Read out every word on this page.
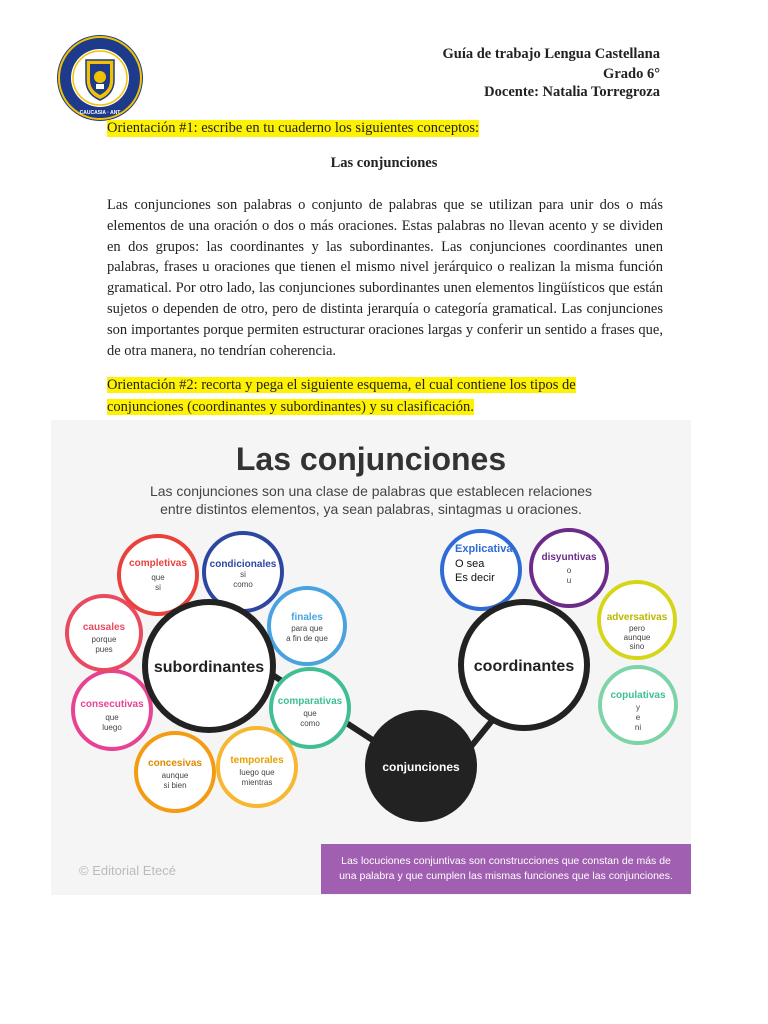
CAUCASIA · ANT
Guía de trabajo Lengua Castellana
Grado 6°
Docente: Natalia Torregroza
Orientación #1: escribe en tu cuaderno los siguientes conceptos:
Las conjunciones
Las conjunciones son palabras o conjunto de palabras que se utilizan para unir dos o más elementos de una oración o dos o más oraciones. Estas palabras no llevan acento y se dividen en dos grupos: las coordinantes y las subordinantes. Las conjunciones coordinantes unen palabras, frases u oraciones que tienen el mismo nivel jerárquico o realizan la misma función gramatical. Por otro lado, las conjunciones subordinantes unen elementos lingüísticos que están sujetos o dependen de otro, pero de distinta jerarquía o categoría gramatical. Las conjunciones son importantes porque permiten estructurar oraciones largas y conferir un sentido a frases que, de otra manera, no tendrían coherencia.
Orientación #2: recorta y pega el siguiente esquema, el cual contiene los tipos de conjunciones (coordinantes y subordinantes) y su clasificación.
Las conjunciones
Las conjunciones son una clase de palabras que establecen relaciones
entre distintos elementos, ya sean palabras, sintagmas u oraciones.
completivas
que
si
condicionales
si
como
finales
para que
a fin de que
comparativas
que
como
temporales
luego que
mientras
concesivas
aunque
si bien
consecutivas
que
luego
causales
porque
pues
subordinantes
Explicativa
O sea
Es decir
disyuntivas
o
u
adversativas
pero
aunque
sino
copulativas
y
e
ni
coordinantes
conjunciones
© Editorial Etecé
Las locuciones conjuntivas son construcciones que constan de más de
una palabra y que cumplen las mismas funciones que las conjunciones.
